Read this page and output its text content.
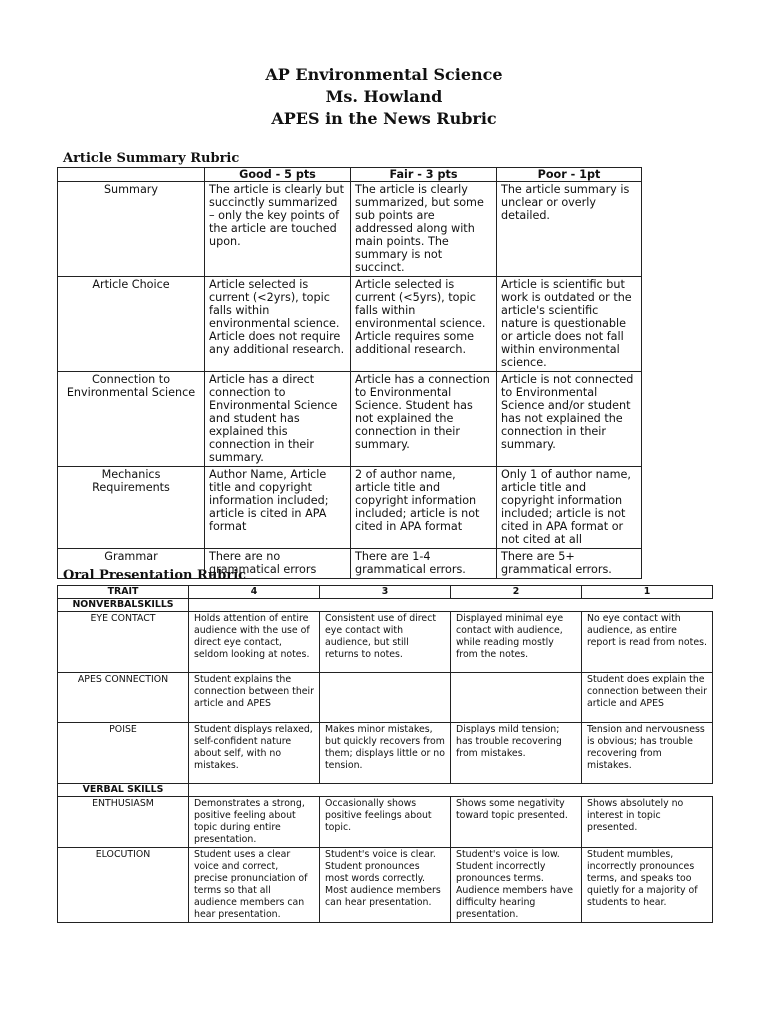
AP Environmental Science
Ms. Howland
APES in the News Rubric
Article Summary Rubric
	Good - 5 pts	Fair - 3 pts	Poor - 1pt
Summary	The article is clearly but succinctly summarized – only the key points of the article are touched upon.	The article is clearly summarized, but some sub points are addressed along with main points. The summary is not succinct.	The article summary is unclear or overly detailed.
Article Choice	Article selected is current (<2yrs), topic falls within environmental science. Article does not require any additional research.	Article selected is current (<5yrs), topic falls within environmental science. Article requires some additional research.	Article is scientific but work is outdated or the article's scientific nature is questionable or article does not fall within environmental science.
Connection to Environmental Science	Article has a direct connection to Environmental Science and student has explained this connection in their summary.	Article has a connection to Environmental Science. Student has not explained the connection in their summary.	Article is not connected to Environmental Science and/or student has not explained the connection in their summary.
Mechanics Requirements	Author Name, Article title and copyright information included; article is cited in APA format	2 of author name, article title and copyright information included; article is not cited in APA format	Only 1 of author name, article title and copyright information included; article is not cited in APA format or not cited at all
Grammar	There are no grammatical errors	There are 1-4 grammatical errors.	There are 5+ grammatical errors.
Oral Presentation Rubric
TRAIT	4	3	2	1
NONVERBALSKILLS				
EYE CONTACT	Holds attention of entire audience with the use of direct eye contact, seldom looking at notes.	Consistent use of direct eye contact with audience, but still returns to notes.	Displayed minimal eye contact with audience, while reading mostly from the notes.	No eye contact with audience, as entire report is read from notes.
APES CONNECTION	Student explains the connection between their article and APES			Student does explain the connection between their article and APES
POISE	Student displays relaxed, self-confident nature about self, with no mistakes.	Makes minor mistakes, but quickly recovers from them; displays little or no tension.	Displays mild tension; has trouble recovering from mistakes.	Tension and nervousness is obvious; has trouble recovering from mistakes.
VERBAL SKILLS				
ENTHUSIASM	Demonstrates a strong, positive feeling about topic during entire presentation.	Occasionally shows positive feelings about topic.	Shows some negativity toward topic presented.	Shows absolutely no interest in topic presented.
ELOCUTION	Student uses a clear voice and correct, precise pronunciation of terms so that all audience members can hear presentation.	Student's voice is clear. Student pronounces most words correctly. Most audience members can hear presentation.	Student's voice is low. Student incorrectly pronounces terms. Audience members have difficulty hearing presentation.	Student mumbles, incorrectly pronounces terms, and speaks too quietly for a majority of students to hear.
